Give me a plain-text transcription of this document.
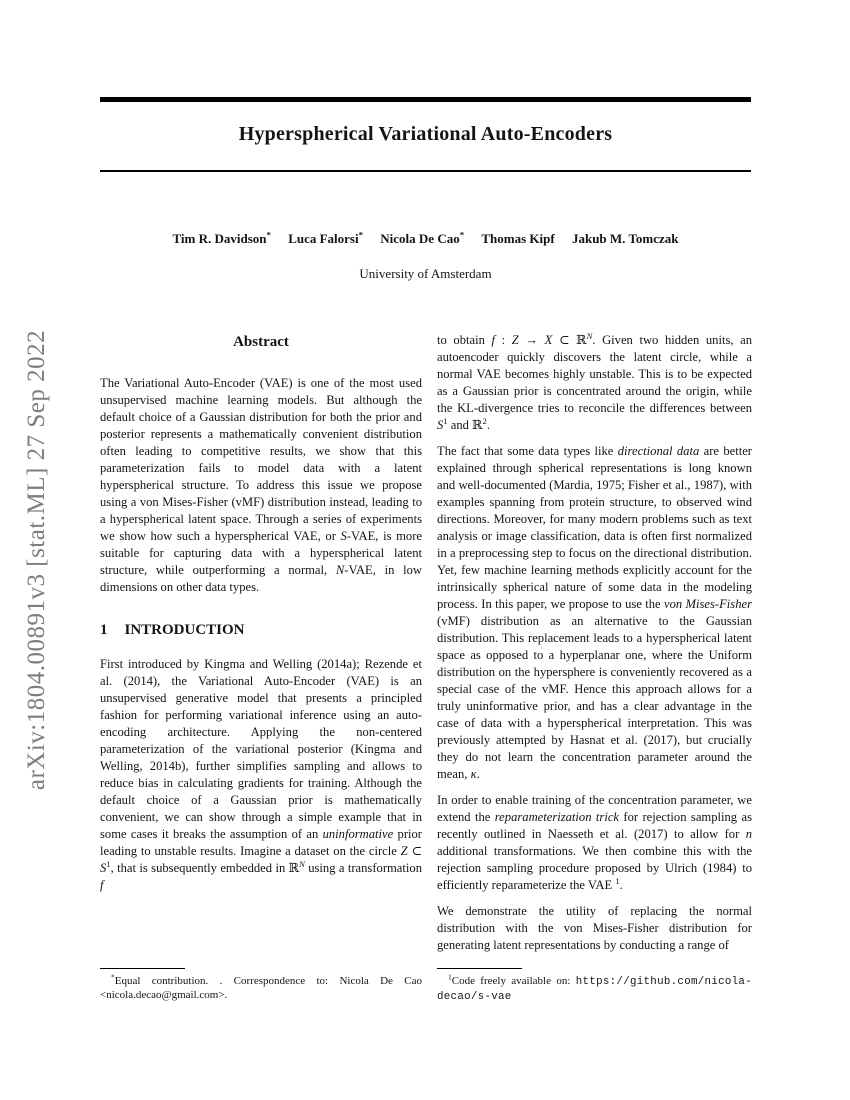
arXiv:1804.00891v3 [stat.ML] 27 Sep 2022
Hyperspherical Variational Auto-Encoders
Tim R. Davidson* Luca Falorsi* Nicola De Cao* Thomas Kipf Jakub M. Tomczak
University of Amsterdam
Abstract

The Variational Auto-Encoder (VAE) is one of the most used unsupervised machine learning models. But although the default choice of a Gaussian distribution for both the prior and posterior represents a mathematically convenient distribution often leading to competitive results, we show that this parameterization fails to model data with a latent hyperspherical structure. To address this issue we propose using a von Mises-Fisher (vMF) distribution instead, leading to a hyperspherical latent space. Through a series of experiments we show how such a hyperspherical VAE, or S-VAE, is more suitable for capturing data with a hyperspherical latent structure, while outperforming a normal, N-VAE, in low dimensions on other data types.

1 INTRODUCTION

First introduced by Kingma and Welling (2014a); Rezende et al. (2014), the Variational Auto-Encoder (VAE) is an unsupervised generative model that presents a principled fashion for performing variational inference using an auto-encoding architecture. Applying the non-centered parameterization of the variational posterior (Kingma and Welling, 2014b), further simplifies sampling and allows to reduce bias in calculating gradients for training. Although the default choice of a Gaussian prior is mathematically convenient, we can show through a simple example that in some cases it breaks the assumption of an uninformative prior leading to unstable results. Imagine a dataset on the circle Z ⊂ $S^1$, that is subsequently embedded in ℝ$^N$ using a transformation f

to obtain f : Z → X ⊂ ℝ$^N$. Given two hidden units, an autoencoder quickly discovers the latent circle, while a normal VAE becomes highly unstable. This is to be expected as a Gaussian prior is concentrated around the origin, while the KL-divergence tries to reconcile the differences between $S^1$ and ℝ$^2$.

The fact that some data types like directional data are better explained through spherical representations is long known and well-documented (Mardia, 1975; Fisher et al., 1987), with examples spanning from protein structure, to observed wind directions. Moreover, for many modern problems such as text analysis or image classification, data is often first normalized in a preprocessing step to focus on the directional distribution. Yet, few machine learning methods explicitly account for the intrinsically spherical nature of some data in the modeling process. In this paper, we propose to use the von Mises-Fisher (vMF) distribution as an alternative to the Gaussian distribution. This replacement leads to a hyperspherical latent space as opposed to a hyperplanar one, where the Uniform distribution on the hypersphere is conveniently recovered as a special case of the vMF. Hence this approach allows for a truly uninformative prior, and has a clear advantage in the case of data with a hyperspherical interpretation. This was previously attempted by Hasnat et al. (2017), but crucially they do not learn the concentration parameter around the mean, κ.

In order to enable training of the concentration parameter, we extend the reparameterization trick for rejection sampling as recently outlined in Naesseth et al. (2017) to allow for n additional transformations. We then combine this with the rejection sampling procedure proposed by Ulrich (1984) to efficiently reparameterize the VAE $^1$.

We demonstrate the utility of replacing the normal distribution with the von Mises-Fisher distribution for generating latent representations by conducting a range of

*Equal contribution. . Correspondence to: Nicola De Cao <nicola.decao@gmail.com>.

$^1$Code freely available on: https://github.com/nicola-decao/s-vae
